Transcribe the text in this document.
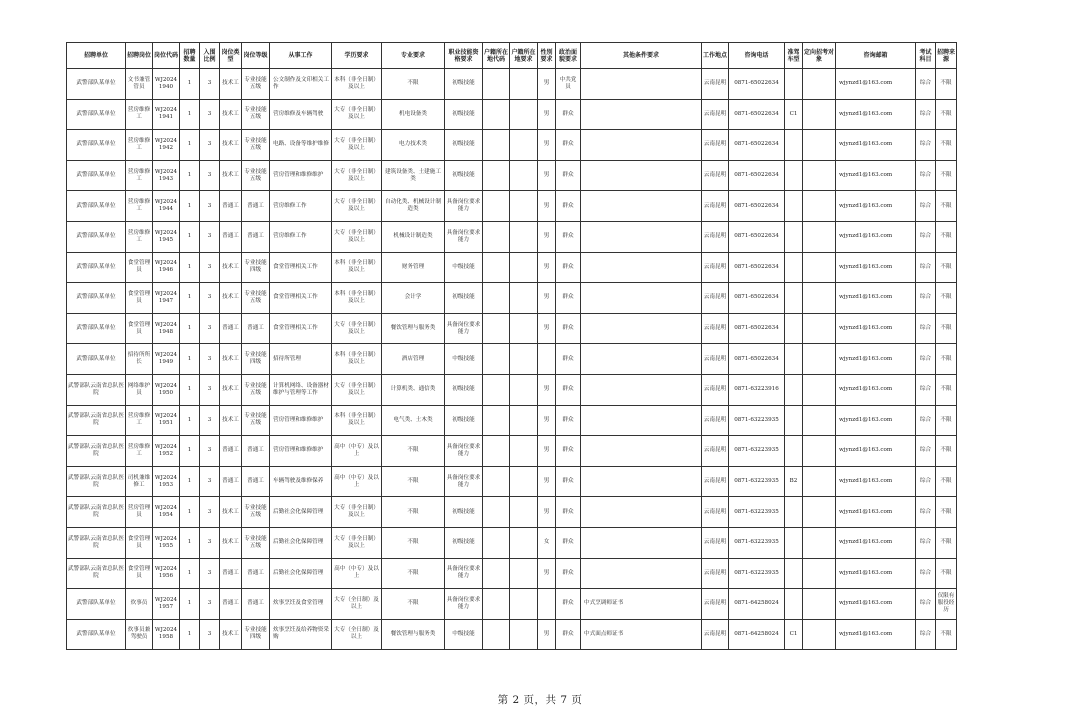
招聘单位	招聘岗位	岗位代码	招聘数量	入围比例	岗位类型	岗位等级	从事工作	学历要求	专业要求	职业技能资格要求	户籍所在地代码	户籍所在地要求	性别要求	政治面貌要求	其他条件要求	工作地点	咨询电话	准驾车型	定向招考对象	咨询邮箱	考试科目	招聘来源
武警部队某单位	文书兼管管员	WJ2024 1940	1	3	技术工	专业技能五级	公文制作及文印相关工作	本科（非全日制）及以上	不限	初级技能			男	中共党员		云南昆明	0871-65022634			wjynzd1@163.com	综合	不限
武警部队某单位	营房维修工	WJ2024 1941	1	3	技术工	专业技能五级	营房维修及车辆驾驶	大专（非全日制）及以上	机电设备类	初级技能			男	群众		云南昆明	0871-65022634	C1		wjynzd1@163.com	综合	不限
武警部队某单位	营房维修工	WJ2024 1942	1	3	技术工	专业技能五级	电路、设备等维护维修	大专（非全日制）及以上	电力技术类	初级技能			男	群众		云南昆明	0871-65022634			wjynzd1@163.com	综合	不限
武警部队某单位	营房维修工	WJ2024 1943	1	3	技术工	专业技能五级	营房管理和维修维护	大专（非全日制）及以上	建筑设备类、土建施工类	初级技能			男	群众		云南昆明	0871-65022634			wjynzd1@163.com	综合	不限
武警部队某单位	营房维修工	WJ2024 1944	1	3	普通工	普通工	营房维修工作	大专（非全日制）及以上	自动化类、机械设计制造类	具备岗位要求能力			男	群众		云南昆明	0871-65022634			wjynzd1@163.com	综合	不限
武警部队某单位	营房维修工	WJ2024 1945	1	3	普通工	普通工	营房维修工作	大专（非全日制）及以上	机械设计制造类	具备岗位要求能力			男	群众		云南昆明	0871-65022634			wjynzd1@163.com	综合	不限
武警部队某单位	食堂管理员	WJ2024 1946	1	3	技术工	专业技能四级	食堂管理相关工作	本科（非全日制）及以上	财务管理	中级技能			男	群众		云南昆明	0871-65022634			wjynzd1@163.com	综合	不限
武警部队某单位	食堂管理员	WJ2024 1947	1	3	技术工	专业技能五级	食堂管理相关工作	本科（非全日制）及以上	会计学	初级技能			男	群众		云南昆明	0871-65022634			wjynzd1@163.com	综合	不限
武警部队某单位	食堂管理员	WJ2024 1948	1	3	普通工	普通工	食堂管理相关工作	大专（非全日制）及以上	餐饮管理与服务类	具备岗位要求能力			男	群众		云南昆明	0871-65022634			wjynzd1@163.com	综合	不限
武警部队某单位	招待所所长	WJ2024 1949	1	3	技术工	专业技能四级	招待所管理	本科（非全日制）及以上	酒店管理	中级技能				群众		云南昆明	0871-65022634			wjynzd1@163.com	综合	不限
武警部队云南省总队医院	网络维护员	WJ2024 1950	1	3	技术工	专业技能五级	计算机网络、设备器材维护与管理等工作	大专（非全日制）及以上	计算机类、通信类	初级技能			男	群众		云南昆明	0871-63223916			wjynzd1@163.com	综合	不限
武警部队云南省总队医院	营房维修工	WJ2024 1951	1	3	技术工	专业技能五级	营房管理和维修维护	本科（非全日制）及以上	电气类、土木类	初级技能			男	群众		云南昆明	0871-63223935			wjynzd1@163.com	综合	不限
武警部队云南省总队医院	营房维修工	WJ2024 1952	1	3	普通工	普通工	营房管理和维修维护	高中（中专）及以上	不限	具备岗位要求能力			男	群众		云南昆明	0871-63223935			wjynzd1@163.com	综合	不限
武警部队云南省总队医院	司机兼维修工	WJ2024 1953	1	3	普通工	普通工	车辆驾驶及维修保养	高中（中专）及以上	不限	具备岗位要求能力			男	群众		云南昆明	0871-63223935	B2		wjynzd1@163.com	综合	不限
武警部队云南省总队医院	营房管理员	WJ2024 1954	1	3	技术工	专业技能五级	后勤社会化保障管理	大专（非全日制）及以上	不限	初级技能			男	群众		云南昆明	0871-63223935			wjynzd1@163.com	综合	不限
武警部队云南省总队医院	食堂管理员	WJ2024 1955	1	3	技术工	专业技能五级	后勤社会化保障管理	大专（非全日制）及以上	不限	初级技能			女	群众		云南昆明	0871-63223935			wjynzd1@163.com	综合	不限
武警部队云南省总队医院	食堂管理员	WJ2024 1956	1	3	普通工	普通工	后勤社会化保障管理	高中（中专）及以上	不限	具备岗位要求能力			男	群众		云南昆明	0871-63223935			wjynzd1@163.com	综合	不限
武警部队某单位	炊事员	WJ2024 1957	1	3	普通工	普通工	炊事烹饪及食堂管理	大专（全日制）及以上	不限	具备岗位要求能力				群众	中式烹调师证书	云南昆明	0871-64258024			wjynzd1@163.com	综合	仅限有服役经历
武警部队某单位	炊事员兼驾驶员	WJ2024 1958	1	3	技术工	专业技能四级	炊事烹饪及给养物资采购	大专（全日制）及以上	餐饮管理与服务类	中级技能			男	群众	中式面点师证书	云南昆明	0871-64258024	C1		wjynzd1@163.com	综合	不限
第 2 页，共 7 页
